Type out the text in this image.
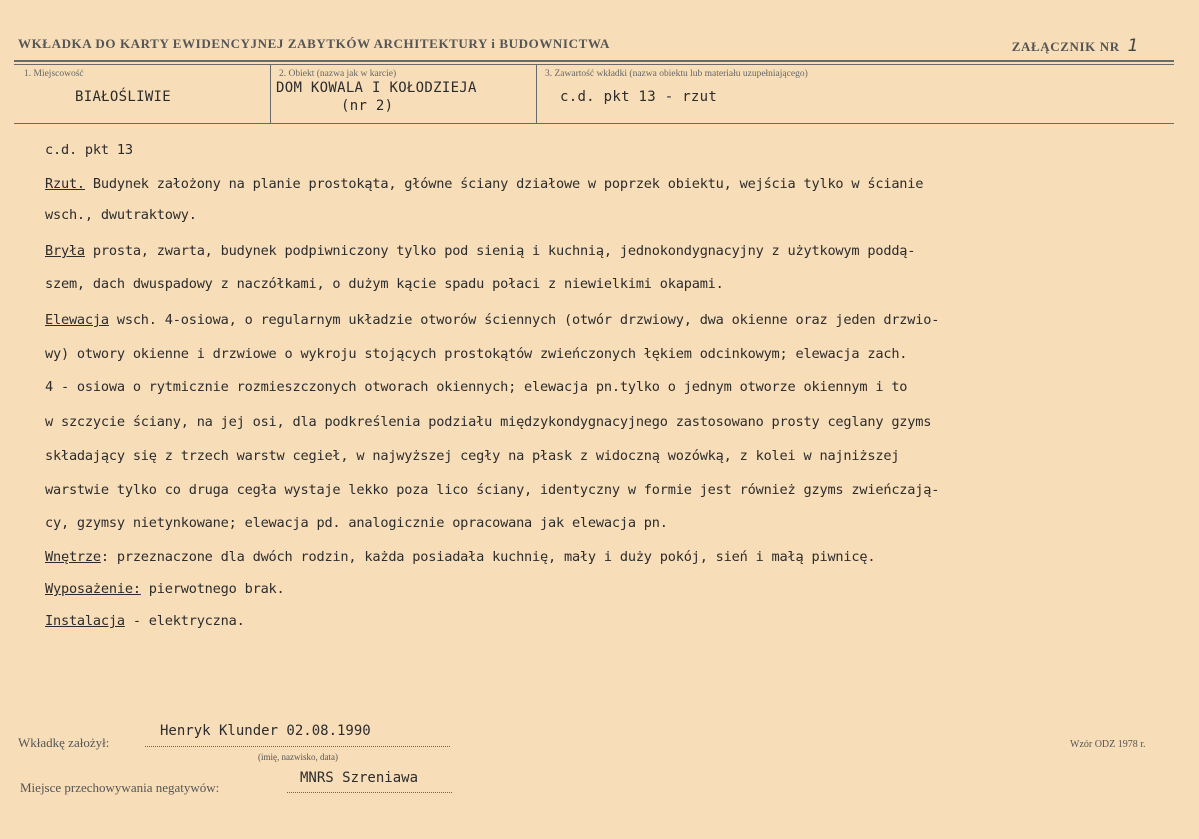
WKŁADKA DO KARTY EWIDENCYJNEJ ZABYTKÓW ARCHITEKTURY i BUDOWNICTWA	ZAŁĄCZNIK NR 1
1. Miejscowość
BIAŁOŚLIWIE
2. Obiekt (nazwa jak w karcie)
DOM KOWALA I KOŁODZIEJA
(nr 2)
3. Zawartość wkładki (nazwa obiektu lub materiału uzupełniającego)
c.d. pkt 13 - rzut
c.d. pkt 13
Rzut. Budynek założony na planie prostokąta, główne ściany działowe w poprzek obiektu, wejścia tylko w ścianie
wsch., dwutraktowy.
Bryła prosta, zwarta, budynek podpiwniczony tylko pod sienią i kuchnią, jednokondygnacyjny z użytkowym poddą-
szem, dach dwuspadowy z naczółkami, o dużym kącie spadu połaci z niewielkimi okapami.
Elewacja wsch. 4-osiowa, o regularnym układzie otworów ściennych (otwór drzwiowy, dwa okienne oraz jeden drzwio-
wy) otwory okienne i drzwiowe o wykroju stojących prostokątów zwieńczonych łękiem odcinkowym; elewacja zach.
4 - osiowa o rytmicznie rozmieszczonych otworach okiennych; elewacja pn.tylko o jednym otworze okiennym i to
w szczycie ściany, na jej osi, dla podkreślenia podziału międzykondygnacyjnego zastosowano prosty ceglany gzyms
składający się z trzech warstw cegieł, w najwyższej cegły na płask z widoczną wozówką, z kolei w najniższej
warstwie tylko co druga cegła wystaje lekko poza lico ściany, identyczny w formie jest również gzyms zwieńczają-
cy, gzymsy nietynkowane; elewacja pd. analogicznie opracowana jak elewacja pn.
Wnętrze: przeznaczone dla dwóch rodzin, każda posiadała kuchnię, mały i duży pokój, sień i małą piwnicę.
Wyposażenie: pierwotnego brak.
Instalacja - elektryczna.
Wkładkę założył:
Henryk Klunder 02.08.1990
(imię, nazwisko, data)
Miejsce przechowywania negatywów:
MNRS Szreniawa
Wzór ODZ 1978 r.
